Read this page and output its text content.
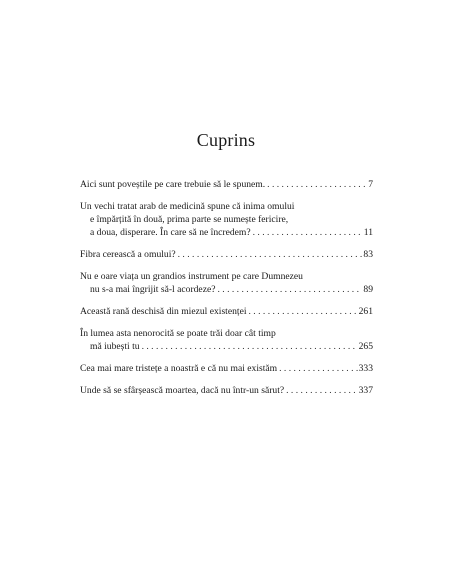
Cuprins
Aici sunt poveștile pe care trebuie să le spunem. . . .	7
Un vechi tratat arab de medicină spune că inima omului
e împărțită în două, prima parte se numește fericire,
a doua, disperare. În care să ne încredem? . . .	11
Fibra cerească a omului? . . .	83
Nu e oare viața un grandios instrument pe care Dumnezeu
nu s-a mai îngrijit să-l acordeze? . . .	89
Această rană deschisă din miezul existenței . . .	261
În lumea asta nenorocită se poate trăi doar cât timp
mă iubești tu . . .	265
Cea mai mare tristețe a noastră e că nu mai existăm . . .	333
Unde să se sfârșească moartea, dacă nu într-un sărut? . . .	337
